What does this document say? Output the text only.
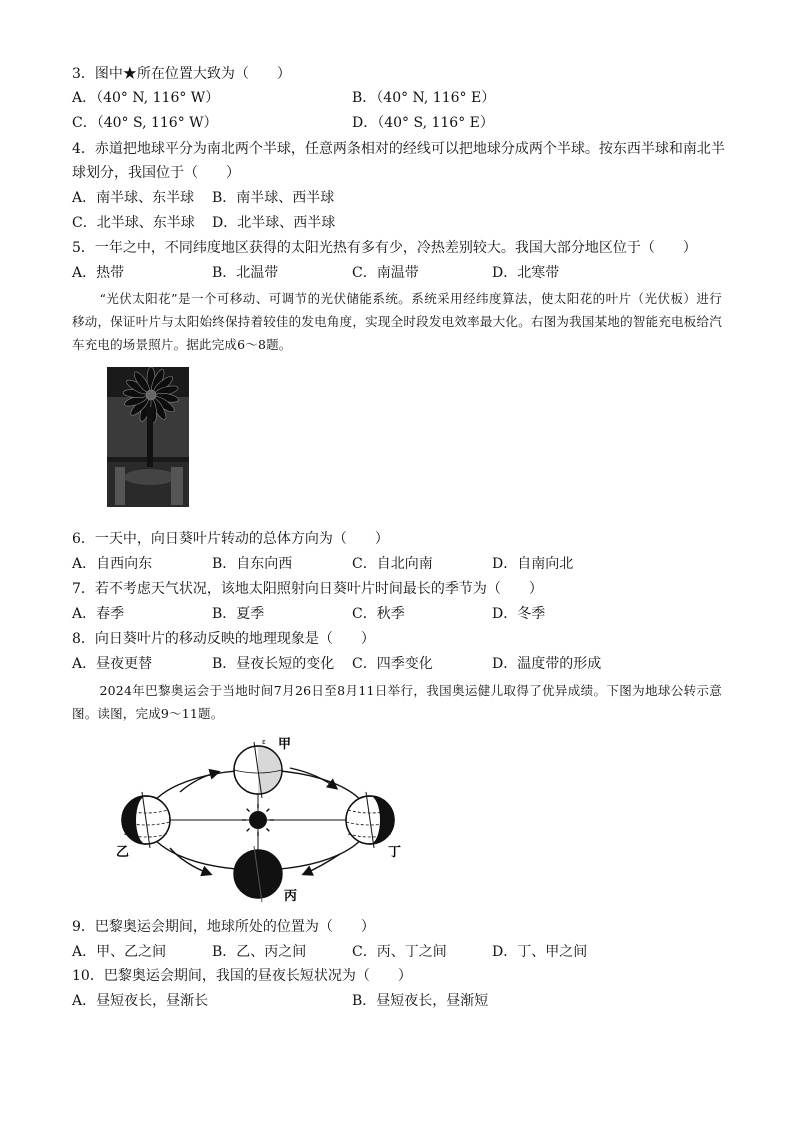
3．图中★所在位置大致为（　　）
A．（40° N, 116° W）	B．（40° N, 116° E）
C．（40° S, 116° W）	D．（40° S, 116° E）
4．赤道把地球平分为南北两个半球，任意两条相对的经线可以把地球分成两个半球。按东西半球和南北半
球划分，我国位于（　　）
A．南半球、东半球 B．南半球、西半球
C．北半球、东半球 D．北半球、西半球
5．一年之中，不同纬度地区获得的太阳光热有多有少，冷热差别较大。我国大部分地区位于（　　）
A．热带	B．北温带	C．南温带	D．北寒带
“光伏太阳花”是一个可移动、可调节的光伏储能系统。系统采用经纬度算法，使太阳花的叶片（光伏板）进行移动，保证叶片与太阳始终保持着较佳的发电角度，实现全时段发电效率最大化。右图为我国某地的智能充电板给汽车充电的场景照片。据此完成6～8题。
6．一天中，向日葵叶片转动的总体方向为（　　）
A．自西向东	B．自东向西	C．自北向南	D．自南向北
7．若不考虑天气状况，该地太阳照射向日葵叶片时间最长的季节为（　　）
A．春季	B．夏季	C．秋季	D．冬季
8．向日葵叶片的移动反映的地理现象是（　　）
A．昼夜更替	B．昼夜长短的变化 C．四季变化	D．温度带的形成
2024年巴黎奥运会于当地时间7月26日至8月11日举行，我国奥运健儿取得了优异成绩。下图为地球公转示意图。读图，完成9～11题。
ε 甲
乙
丙
丁
9．巴黎奥运会期间，地球所处的位置为（　　）
A．甲、乙之间	B．乙、丙之间	C．丙、丁之间	D．丁、甲之间
10．巴黎奥运会期间，我国的昼夜长短状况为（　　）
A．昼短夜长，昼渐长	B．昼短夜长，昼渐短
